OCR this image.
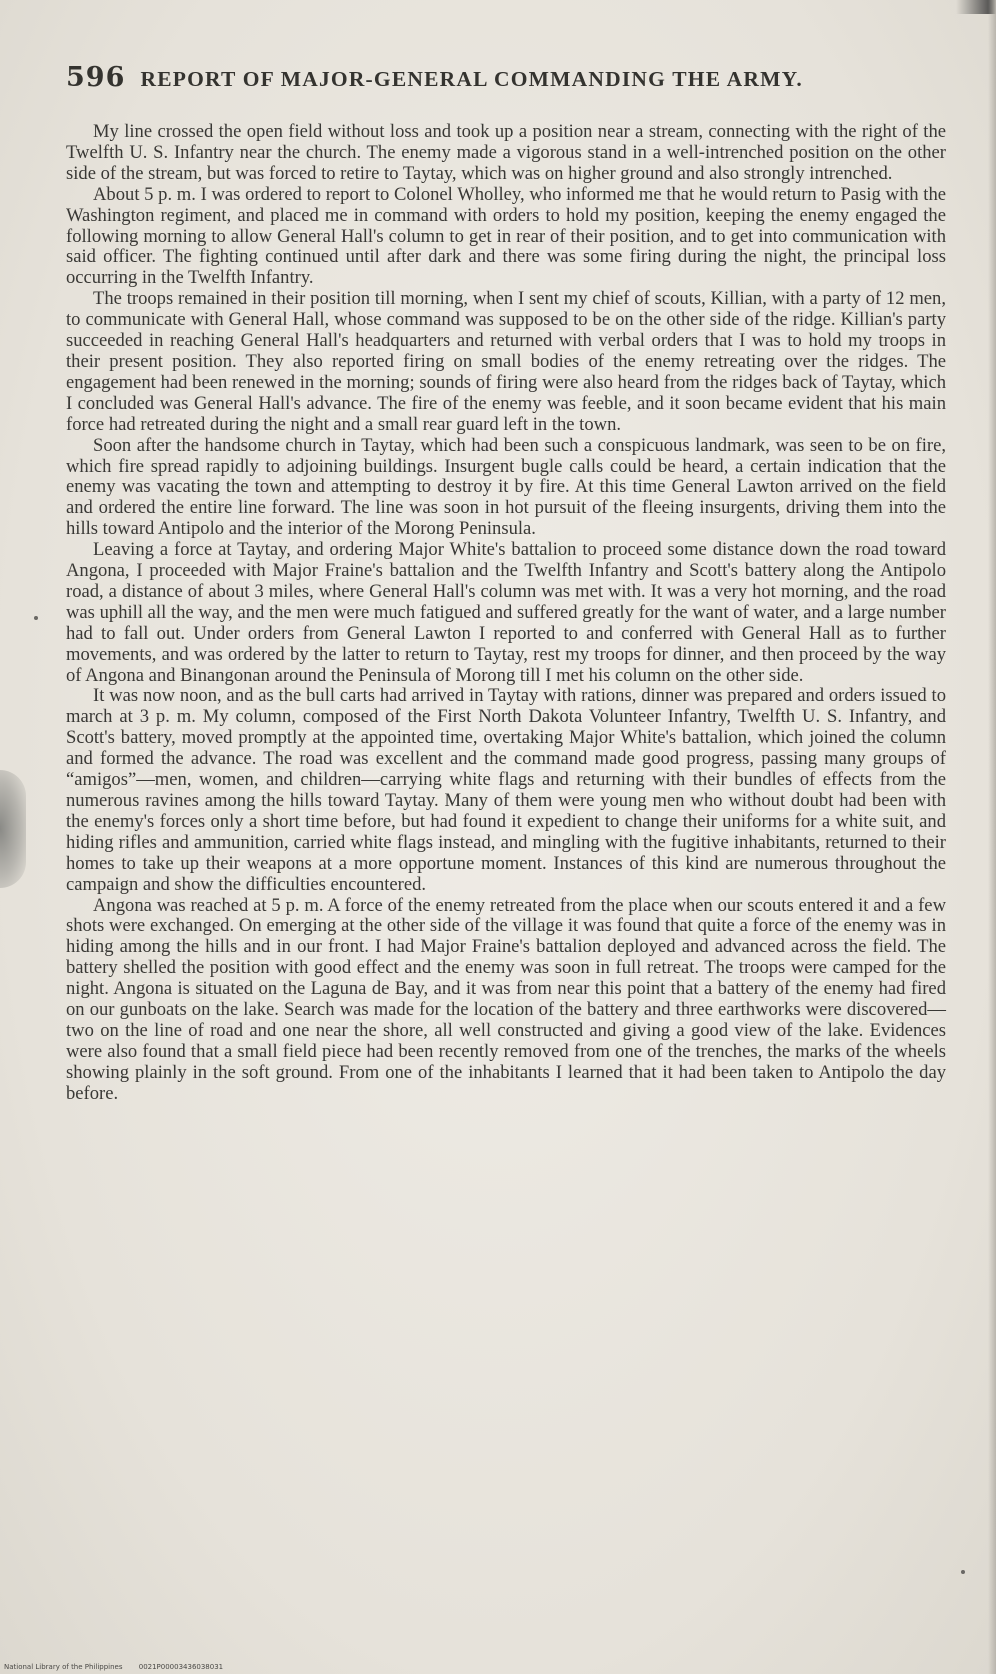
596 REPORT OF MAJOR-GENERAL COMMANDING THE ARMY.

My line crossed the open field without loss and took up a position near a stream, connecting with the right of the Twelfth U. S. Infantry near the church. The enemy made a vigorous stand in a well-intrenched position on the other side of the stream, but was forced to retire to Taytay, which was on higher ground and also strongly intrenched.

About 5 p. m. I was ordered to report to Colonel Wholley, who informed me that he would return to Pasig with the Washington regiment, and placed me in command with orders to hold my position, keeping the enemy engaged the following morning to allow General Hall's column to get in rear of their position, and to get into communication with said officer. The fighting continued until after dark and there was some firing during the night, the principal loss occurring in the Twelfth Infantry.

The troops remained in their position till morning, when I sent my chief of scouts, Killian, with a party of 12 men, to communicate with General Hall, whose command was supposed to be on the other side of the ridge. Killian's party succeeded in reaching General Hall's headquarters and returned with verbal orders that I was to hold my troops in their present position. They also reported firing on small bodies of the enemy retreating over the ridges. The engagement had been renewed in the morning; sounds of firing were also heard from the ridges back of Taytay, which I concluded was General Hall's advance. The fire of the enemy was feeble, and it soon became evident that his main force had retreated during the night and a small rear guard left in the town.

Soon after the handsome church in Taytay, which had been such a conspicuous landmark, was seen to be on fire, which fire spread rapidly to adjoining buildings. Insurgent bugle calls could be heard, a certain indication that the enemy was vacating the town and attempting to destroy it by fire. At this time General Lawton arrived on the field and ordered the entire line forward. The line was soon in hot pursuit of the fleeing insurgents, driving them into the hills toward Antipolo and the interior of the Morong Peninsula.

Leaving a force at Taytay, and ordering Major White's battalion to proceed some distance down the road toward Angona, I proceeded with Major Fraine's battalion and the Twelfth Infantry and Scott's battery along the Antipolo road, a distance of about 3 miles, where General Hall's column was met with. It was a very hot morning, and the road was uphill all the way, and the men were much fatigued and suffered greatly for the want of water, and a large number had to fall out. Under orders from General Lawton I reported to and conferred with General Hall as to further movements, and was ordered by the latter to return to Taytay, rest my troops for dinner, and then proceed by the way of Angona and Binangonan around the Peninsula of Morong till I met his column on the other side.

It was now noon, and as the bull carts had arrived in Taytay with rations, dinner was prepared and orders issued to march at 3 p. m. My column, composed of the First North Dakota Volunteer Infantry, Twelfth U. S. Infantry, and Scott's battery, moved promptly at the appointed time, overtaking Major White's battalion, which joined the column and formed the advance. The road was excellent and the command made good progress, passing many groups of “amigos”—men, women, and children—carrying white flags and returning with their bundles of effects from the numerous ravines among the hills toward Taytay. Many of them were young men who without doubt had been with the enemy's forces only a short time before, but had found it expedient to change their uniforms for a white suit, and hiding rifles and ammunition, carried white flags instead, and mingling with the fugitive inhabitants, returned to their homes to take up their weapons at a more opportune moment. Instances of this kind are numerous throughout the campaign and show the difficulties encountered.

Angona was reached at 5 p. m. A force of the enemy retreated from the place when our scouts entered it and a few shots were exchanged. On emerging at the other side of the village it was found that quite a force of the enemy was in hiding among the hills and in our front. I had Major Fraine's battalion deployed and advanced across the field. The battery shelled the position with good effect and the enemy was soon in full retreat. The troops were camped for the night. Angona is situated on the Laguna de Bay, and it was from near this point that a battery of the enemy had fired on our gunboats on the lake. Search was made for the location of the battery and three earthworks were discovered—two on the line of road and one near the shore, all well constructed and giving a good view of the lake. Evidences were also found that a small field piece had been recently removed from one of the trenches, the marks of the wheels showing plainly in the soft ground. From one of the inhabitants I learned that it had been taken to Antipolo the day before.

National Library of the Philippines 0021P00003436038031
